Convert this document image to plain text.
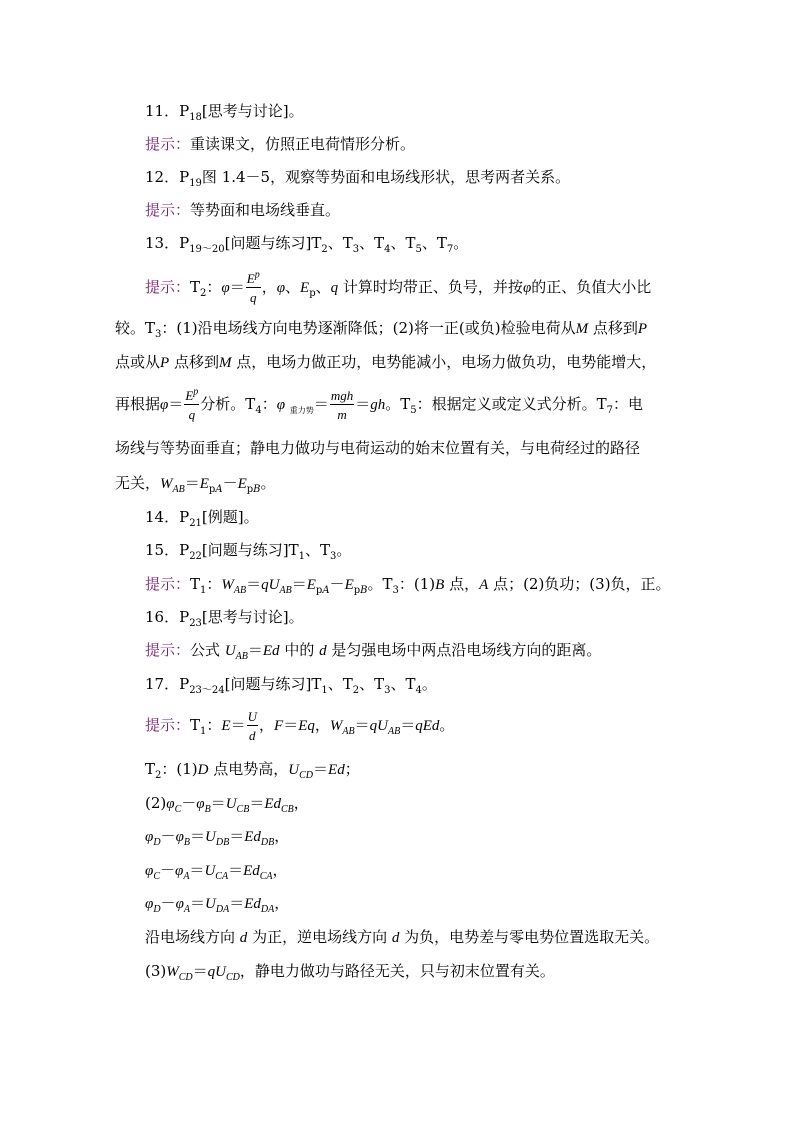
11．$P_{18}$[思考与讨论]。
提示：重读课文，仿照正电荷情形分析。
12．$P_{19}$图 1.4－5，观察等势面和电场线形状，思考两者关系。
提示：等势面和电场线垂直。
13．$P_{19\sim 20}$[问题与练习]$T_2$、$T_3$、$T_4$、$T_5$、$T_7$。
提示：$T_2$：$\varphi= \frac{E^p}{q}$ ，φ、$E_p$、q 计算时均带正、负号，并按φ的正、负值大小比
较。$T_3$：(1)沿电场线方向电势逐渐降低；(2)将一正(或负)检验电荷从M 点移到P
点或从P 点移到M 点，电场力做正功，电势能减小，电场力做负功，电势能增大，
再根据$\varphi= \frac{E^p}{q}$ 分析。$T_4$：φ $_{重力势}= \frac{\text{mgh}}{m} =gh$。$T_5$：根据定义或定义式分析。$T_7$：电
场线与等势面垂直；静电力做功与电荷运动的始末位置有关，与电荷经过的路径
无关，$W_{AB}=E_{pA}-E_{pB}$。
14．$P_{21}$[例题]。
15．$P_{22}$[问题与练习]$T_1$、$T_3$。
提示：$T_1$：$W_{AB}=qU_{AB}=E_{pA}-E_{pB}$。$T_3$：(1)B 点，A 点；(2)负功；(3)负，正。
16．$P_{23}$[思考与讨论]。
提示：公式 $U_{AB}=Ed$ 中的 d 是匀强电场中两点沿电场线方向的距离。
17．$P_{23\sim 24}$[问题与练习]$T_1$、$T_2$、$T_3$、$T_4$。
提示：$T_1$：$E= \frac{U}{d}$ ，F＝Eq，$W_{AB}=qU_{AB}=qEd$。
$T_2$：(1)D 点电势高，$U_{CD}=Ed$；
$(2)\varphi_C-\varphi_B=U_{CB}=Ed_{CB}$，
$\varphi_D-\varphi_B=U_{DB}=Ed_{DB}$，
$\varphi_C-\varphi_A=U_{CA}=Ed_{CA}$，
$\varphi_D-\varphi_A=U_{DA}=Ed_{DA}$，
沿电场线方向 d 为正，逆电场线方向 d 为负，电势差与零电势位置选取无关。
$(3)W_{CD}=qU_{CD}$，静电力做功与路径无关，只与初末位置有关。
